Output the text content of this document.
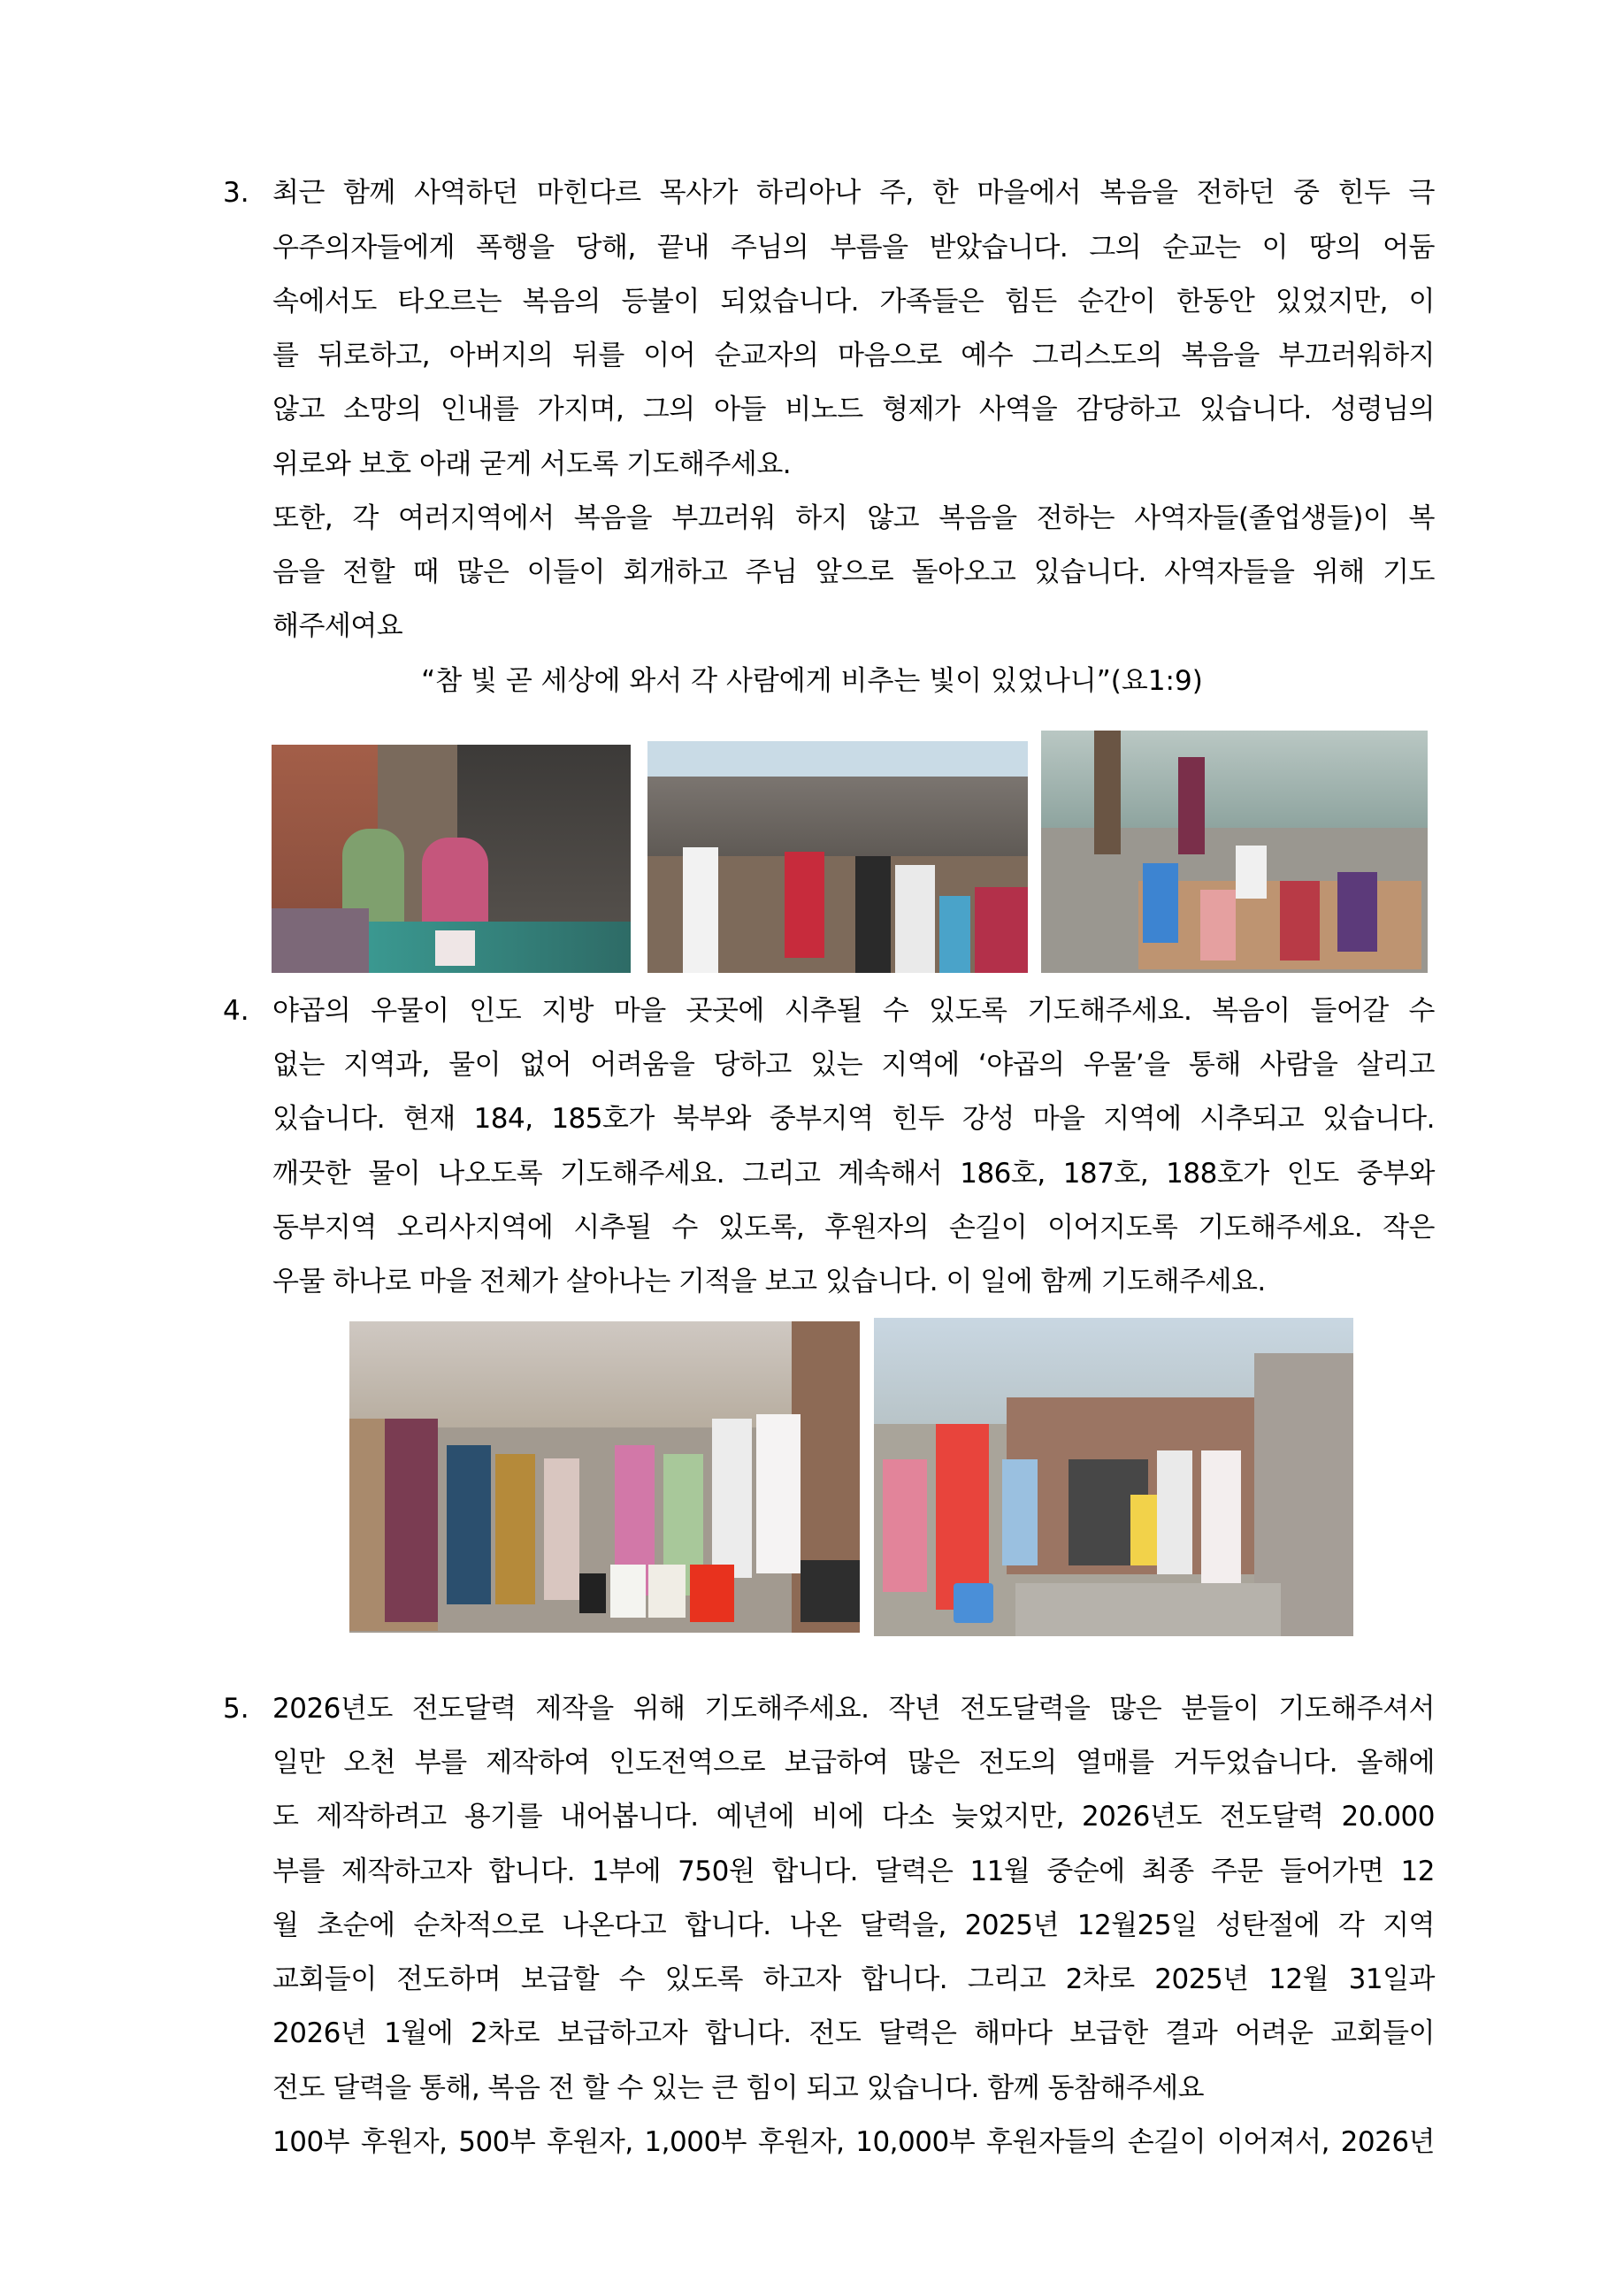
3. 최근 함께 사역하던 마힌다르 목사가 하리아나 주, 한 마을에서 복음을 전하던 중 힌두 극
우주의자들에게 폭행을 당해, 끝내 주님의 부름을 받았습니다. 그의 순교는 이 땅의 어둠
속에서도 타오르는 복음의 등불이 되었습니다. 가족들은 힘든 순간이 한동안 있었지만, 이
를 뒤로하고, 아버지의 뒤를 이어 순교자의 마음으로 예수 그리스도의 복음을 부끄러워하지
않고 소망의 인내를 가지며, 그의 아들 비노드 형제가 사역을 감당하고 있습니다. 성령님의
위로와 보호 아래 굳게 서도록 기도해주세요.
또한, 각 여러지역에서 복음을 부끄러워 하지 않고 복음을 전하는 사역자들(졸업생들)이 복
음을 전할 때 많은 이들이 회개하고 주님 앞으로 돌아오고 있습니다. 사역자들을 위해 기도
해주세여요
“참 빛 곧 세상에 와서 각 사람에게 비추는 빛이 있었나니”(요1:9)
4. 야곱의 우물이 인도 지방 마을 곳곳에 시추될 수 있도록 기도해주세요. 복음이 들어갈 수
없는 지역과, 물이 없어 어려움을 당하고 있는 지역에 ‘야곱의 우물’을 통해 사람을 살리고
있습니다. 현재 184, 185호가 북부와 중부지역 힌두 강성 마을 지역에 시추되고 있습니다.
깨끗한 물이 나오도록 기도해주세요. 그리고 계속해서 186호, 187호, 188호가 인도 중부와
동부지역 오리사지역에 시추될 수 있도록, 후원자의 손길이 이어지도록 기도해주세요. 작은
우물 하나로 마을 전체가 살아나는 기적을 보고 있습니다. 이 일에 함께 기도해주세요.
5. 2026년도 전도달력 제작을 위해 기도해주세요. 작년 전도달력을 많은 분들이 기도해주셔서
일만 오천 부를 제작하여 인도전역으로 보급하여 많은 전도의 열매를 거두었습니다. 올해에
도 제작하려고 용기를 내어봅니다. 예년에 비에 다소 늦었지만, 2026년도 전도달력 20.000
부를 제작하고자 합니다. 1부에 750원 합니다. 달력은 11월 중순에 최종 주문 들어가면 12
월 초순에 순차적으로 나온다고 합니다. 나온 달력을, 2025년 12월25일 성탄절에 각 지역
교회들이 전도하며 보급할 수 있도록 하고자 합니다. 그리고 2차로 2025년 12월 31일과
2026년 1월에 2차로 보급하고자 합니다. 전도 달력은 해마다 보급한 결과 어려운 교회들이
전도 달력을 통해, 복음 전 할 수 있는 큰 힘이 되고 있습니다. 함께 동참해주세요
100부 후원자, 500부 후원자, 1,000부 후원자, 10,000부 후원자들의 손길이 이어져서, 2026년
